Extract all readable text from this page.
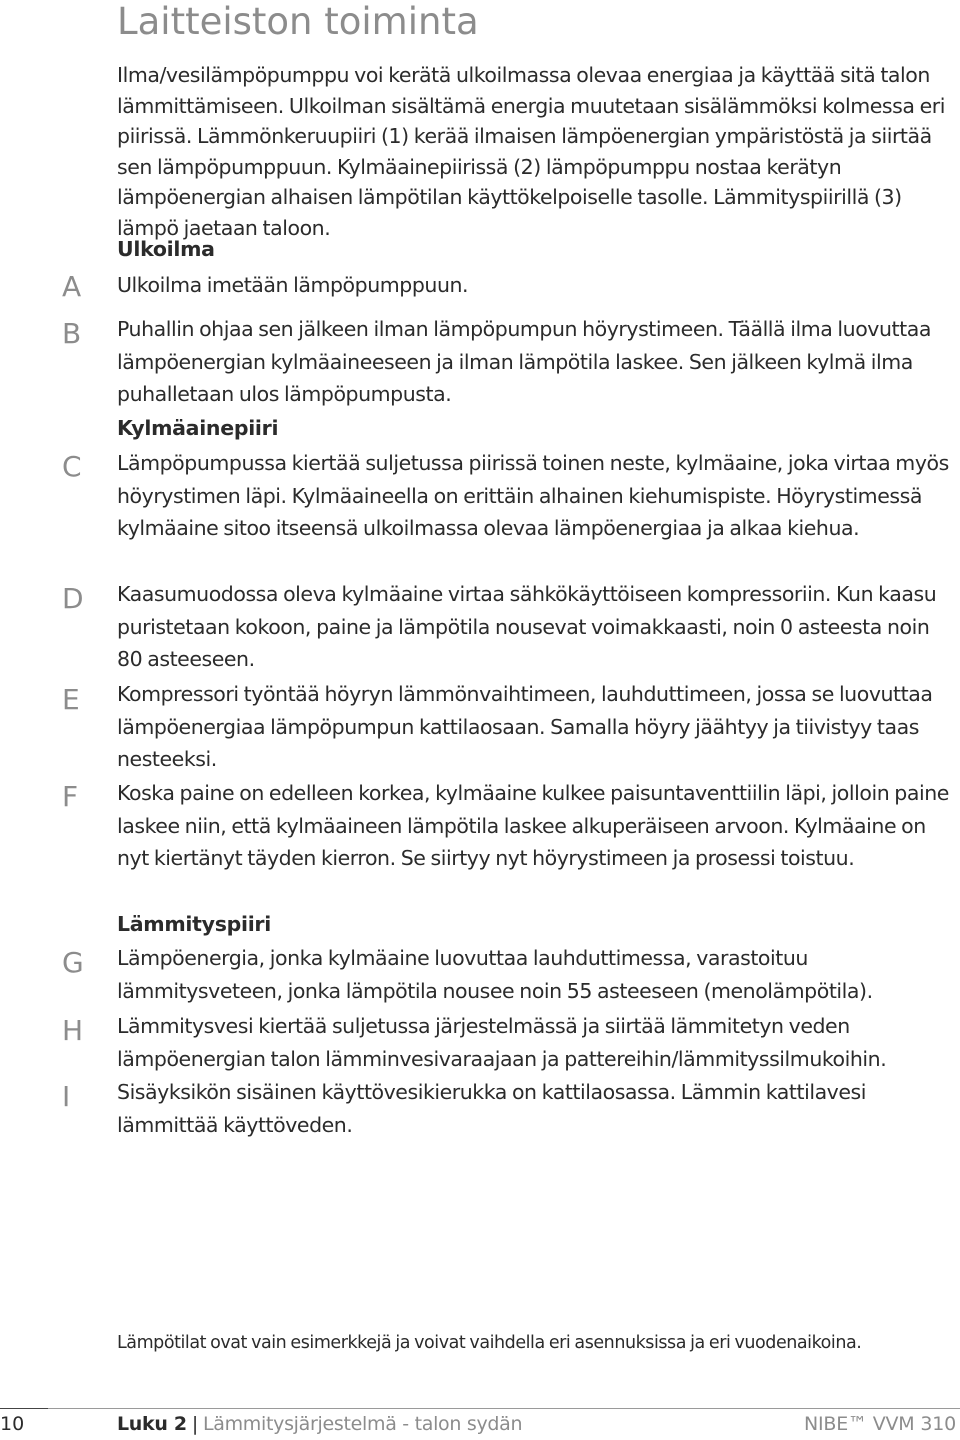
Laitteiston toiminta
Ilma/vesilämpöpumppu voi kerätä ulkoilmassa olevaa energiaa ja käyttää sitä talon lämmittämiseen. Ulkoilman sisältämä energia muutetaan sisälämmöksi kolmessa eri piirissä. Lämmönkeruupiiri (1) kerää ilmaisen lämpöenergian ympäristöstä ja siirtää sen lämpöpumppuun. Kylmäainepiirissä (2) lämpöpumppu nostaa kerätyn lämpöenergian alhaisen lämpötilan käyttökelpoiselle tasolle. Lämmityspiirillä (3) lämpö jaetaan taloon.
Ulkoilma
A Ulkoilma imetään lämpöpumppuun.
B Puhallin ohjaa sen jälkeen ilman lämpöpumpun höyrystimeen. Täällä ilma luovuttaa lämpöenergian kylmäaineeseen ja ilman lämpötila laskee. Sen jälkeen kylmä ilma puhalletaan ulos lämpöpumpusta.
Kylmäainepiiri
C Lämpöpumpussa kiertää suljetussa piirissä toinen neste, kylmäaine, joka virtaa myös höyrystimen läpi. Kylmäaineella on erittäin alhainen kiehumispiste. Höyrystimessä kylmäaine sitoo itseensä ulkoilmassa olevaa lämpöenergiaa ja alkaa kiehua.
D Kaasumuodossa oleva kylmäaine virtaa sähkökäyttöiseen kompressoriin. Kun kaasu puristetaan kokoon, paine ja lämpötila nousevat voimakkaasti, noin 0 asteesta noin 80 asteeseen.
E Kompressori työntää höyryn lämmönvaihtimeen, lauhduttimeen, jossa se luovuttaa lämpöenergiaa lämpöpumpun kattilaosaan. Samalla höyry jäähtyy ja tiivistyy taas nesteeksi.
F Koska paine on edelleen korkea, kylmäaine kulkee paisuntaventtiilin läpi, jolloin paine laskee niin, että kylmäaineen lämpötila laskee alkuperäiseen arvoon. Kylmäaine on nyt kiertänyt täyden kierron. Se siirtyy nyt höyrystimeen ja prosessi toistuu.
Lämmityspiiri
G Lämpöenergia, jonka kylmäaine luovuttaa lauhduttimessa, varastoituu lämmitysveteen, jonka lämpötila nousee noin 55 asteeseen (menolämpötila).
H Lämmitysvesi kiertää suljetussa järjestelmässä ja siirtää lämmitetyn veden lämpöenergian talon lämminvesivaraajaan ja pattereihin/lämmityssilmukoihin.
I Sisäyksikön sisäinen käyttövesikierukka on kattilaosassa. Lämmin kattilavesi lämmittää käyttöveden.
Lämpötilat ovat vain esimerkkejä ja voivat vaihdella eri asennuksissa ja eri vuodenaikoina.
10	Luku 2 | Lämmitysjärjestelmä - talon sydän	NIBE™ VVM 310
